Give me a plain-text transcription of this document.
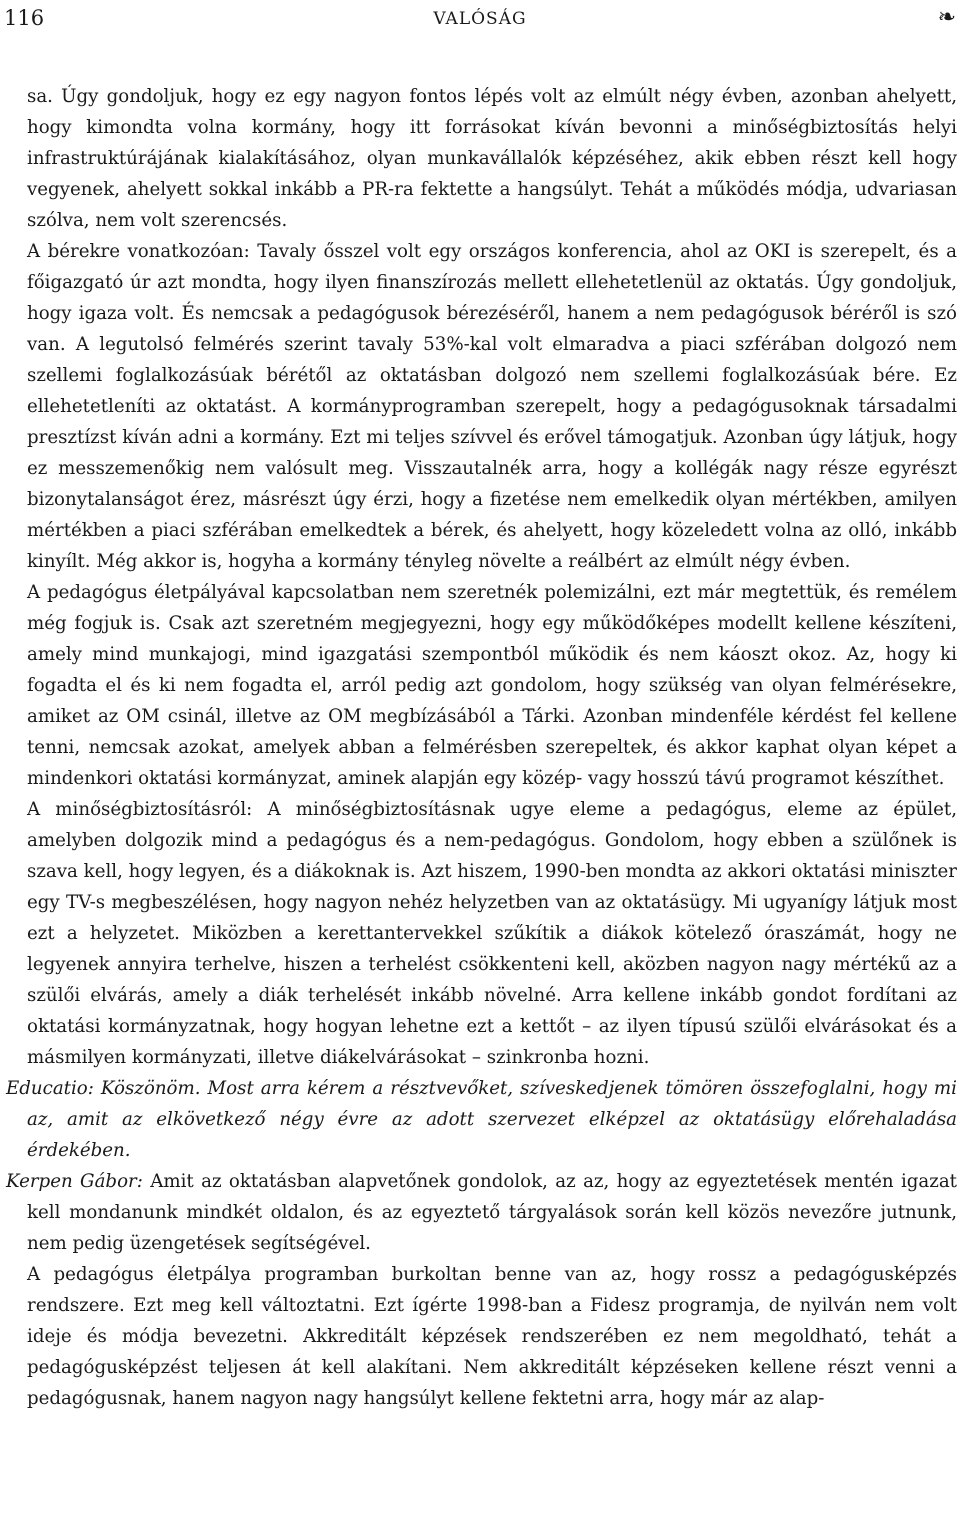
116	VALÓSÁG	❧

sa. Úgy gondoljuk, hogy ez egy nagyon fontos lépés volt az elmúlt négy évben, azonban ahelyett, hogy kimondta volna kormány, hogy itt forrásokat kíván bevonni a minőségbiztosítás helyi infrastruktúrájának kialakításához, olyan munkavállalók képzéséhez, akik ebben részt kell hogy vegyenek, ahelyett sokkal inkább a PR-ra fektette a hangsúlyt. Tehát a működés módja, udvariasan szólva, nem volt szerencsés.

A bérekre vonatkozóan: Tavaly ősszel volt egy országos konferencia, ahol az OKI is szerepelt, és a főigazgató úr azt mondta, hogy ilyen finanszírozás mellett ellehetetlenül az oktatás. Úgy gondoljuk, hogy igaza volt. És nemcsak a pedagógusok bérezéséről, hanem a nem pedagógusok béréről is szó van. A legutolsó felmérés szerint tavaly 53%-kal volt elmaradva a piaci szférában dolgozó nem szellemi foglalkozásúak bérétől az oktatásban dolgozó nem szellemi foglalkozásúak bére. Ez ellehetetleníti az oktatást. A kormányprogramban szerepelt, hogy a pedagógusoknak társadalmi presztízst kíván adni a kormány. Ezt mi teljes szívvel és erővel támogatjuk. Azonban úgy látjuk, hogy ez messzemenőkig nem valósult meg. Visszautalnék arra, hogy a kollégák nagy része egyrészt bizonytalanságot érez, másrészt úgy érzi, hogy a fizetése nem emelkedik olyan mértékben, amilyen mértékben a piaci szférában emelkedtek a bérek, és ahelyett, hogy közeledett volna az olló, inkább kinyílt. Még akkor is, hogyha a kormány tényleg növelte a reálbért az elmúlt négy évben.

A pedagógus életpályával kapcsolatban nem szeretnék polemizálni, ezt már megtettük, és remélem még fogjuk is. Csak azt szeretném megjegyezni, hogy egy működőképes modellt kellene készíteni, amely mind munkajogi, mind igazgatási szempontból működik és nem káoszt okoz. Az, hogy ki fogadta el és ki nem fogadta el, arról pedig azt gondolom, hogy szükség van olyan felmérésekre, amiket az OM csinál, illetve az OM megbízásából a Tárki. Azonban mindenféle kérdést fel kellene tenni, nemcsak azokat, amelyek abban a felmérésben szerepeltek, és akkor kaphat olyan képet a mindenkori oktatási kormányzat, aminek alapján egy közép- vagy hosszú távú programot készíthet.

A minőségbiztosításról: A minőségbiztosításnak ugye eleme a pedagógus, eleme az épület, amelyben dolgozik mind a pedagógus és a nem-pedagógus. Gondolom, hogy ebben a szülőnek is szava kell, hogy legyen, és a diákoknak is. Azt hiszem, 1990-ben mondta az akkori oktatási miniszter egy TV-s megbeszélésen, hogy nagyon nehéz helyzetben van az oktatásügy. Mi ugyanígy látjuk most ezt a helyzetet. Miközben a kerettantervekkel szűkítik a diákok kötelező óraszámát, hogy ne legyenek annyira terhelve, hiszen a terhelést csökkenteni kell, aközben nagyon nagy mértékű az a szülői elvárás, amely a diák terhelését inkább növelné. Arra kellene inkább gondot fordítani az oktatási kormányzatnak, hogy hogyan lehetne ezt a kettőt – az ilyen típusú szülői elvárásokat és a másmilyen kormányzati, illetve diákelvárásokat – szinkronba hozni.

Educatio: Köszönöm. Most arra kérem a résztvevőket, szíveskedjenek tömören összefoglalni, hogy mi az, amit az elkövetkező négy évre az adott szervezet elképzel az oktatásügy előrehaladása érdekében.

Kerpen Gábor: Amit az oktatásban alapvetőnek gondolok, az az, hogy az egyeztetések mentén igazat kell mondanunk mindkét oldalon, és az egyeztető tárgyalások során kell közös nevezőre jutnunk, nem pedig üzengetések segítségével.

A pedagógus életpálya programban burkoltan benne van az, hogy rossz a pedagógusképzés rendszere. Ezt meg kell változtatni. Ezt ígérte 1998-ban a Fidesz programja, de nyilván nem volt ideje és módja bevezetni. Akkreditált képzések rendszerében ez nem megoldható, tehát a pedagógusképzést teljesen át kell alakítani. Nem akkreditált képzéseken kellene részt venni a pedagógusnak, hanem nagyon nagy hangsúlyt kellene fektetni arra, hogy már az alap-
